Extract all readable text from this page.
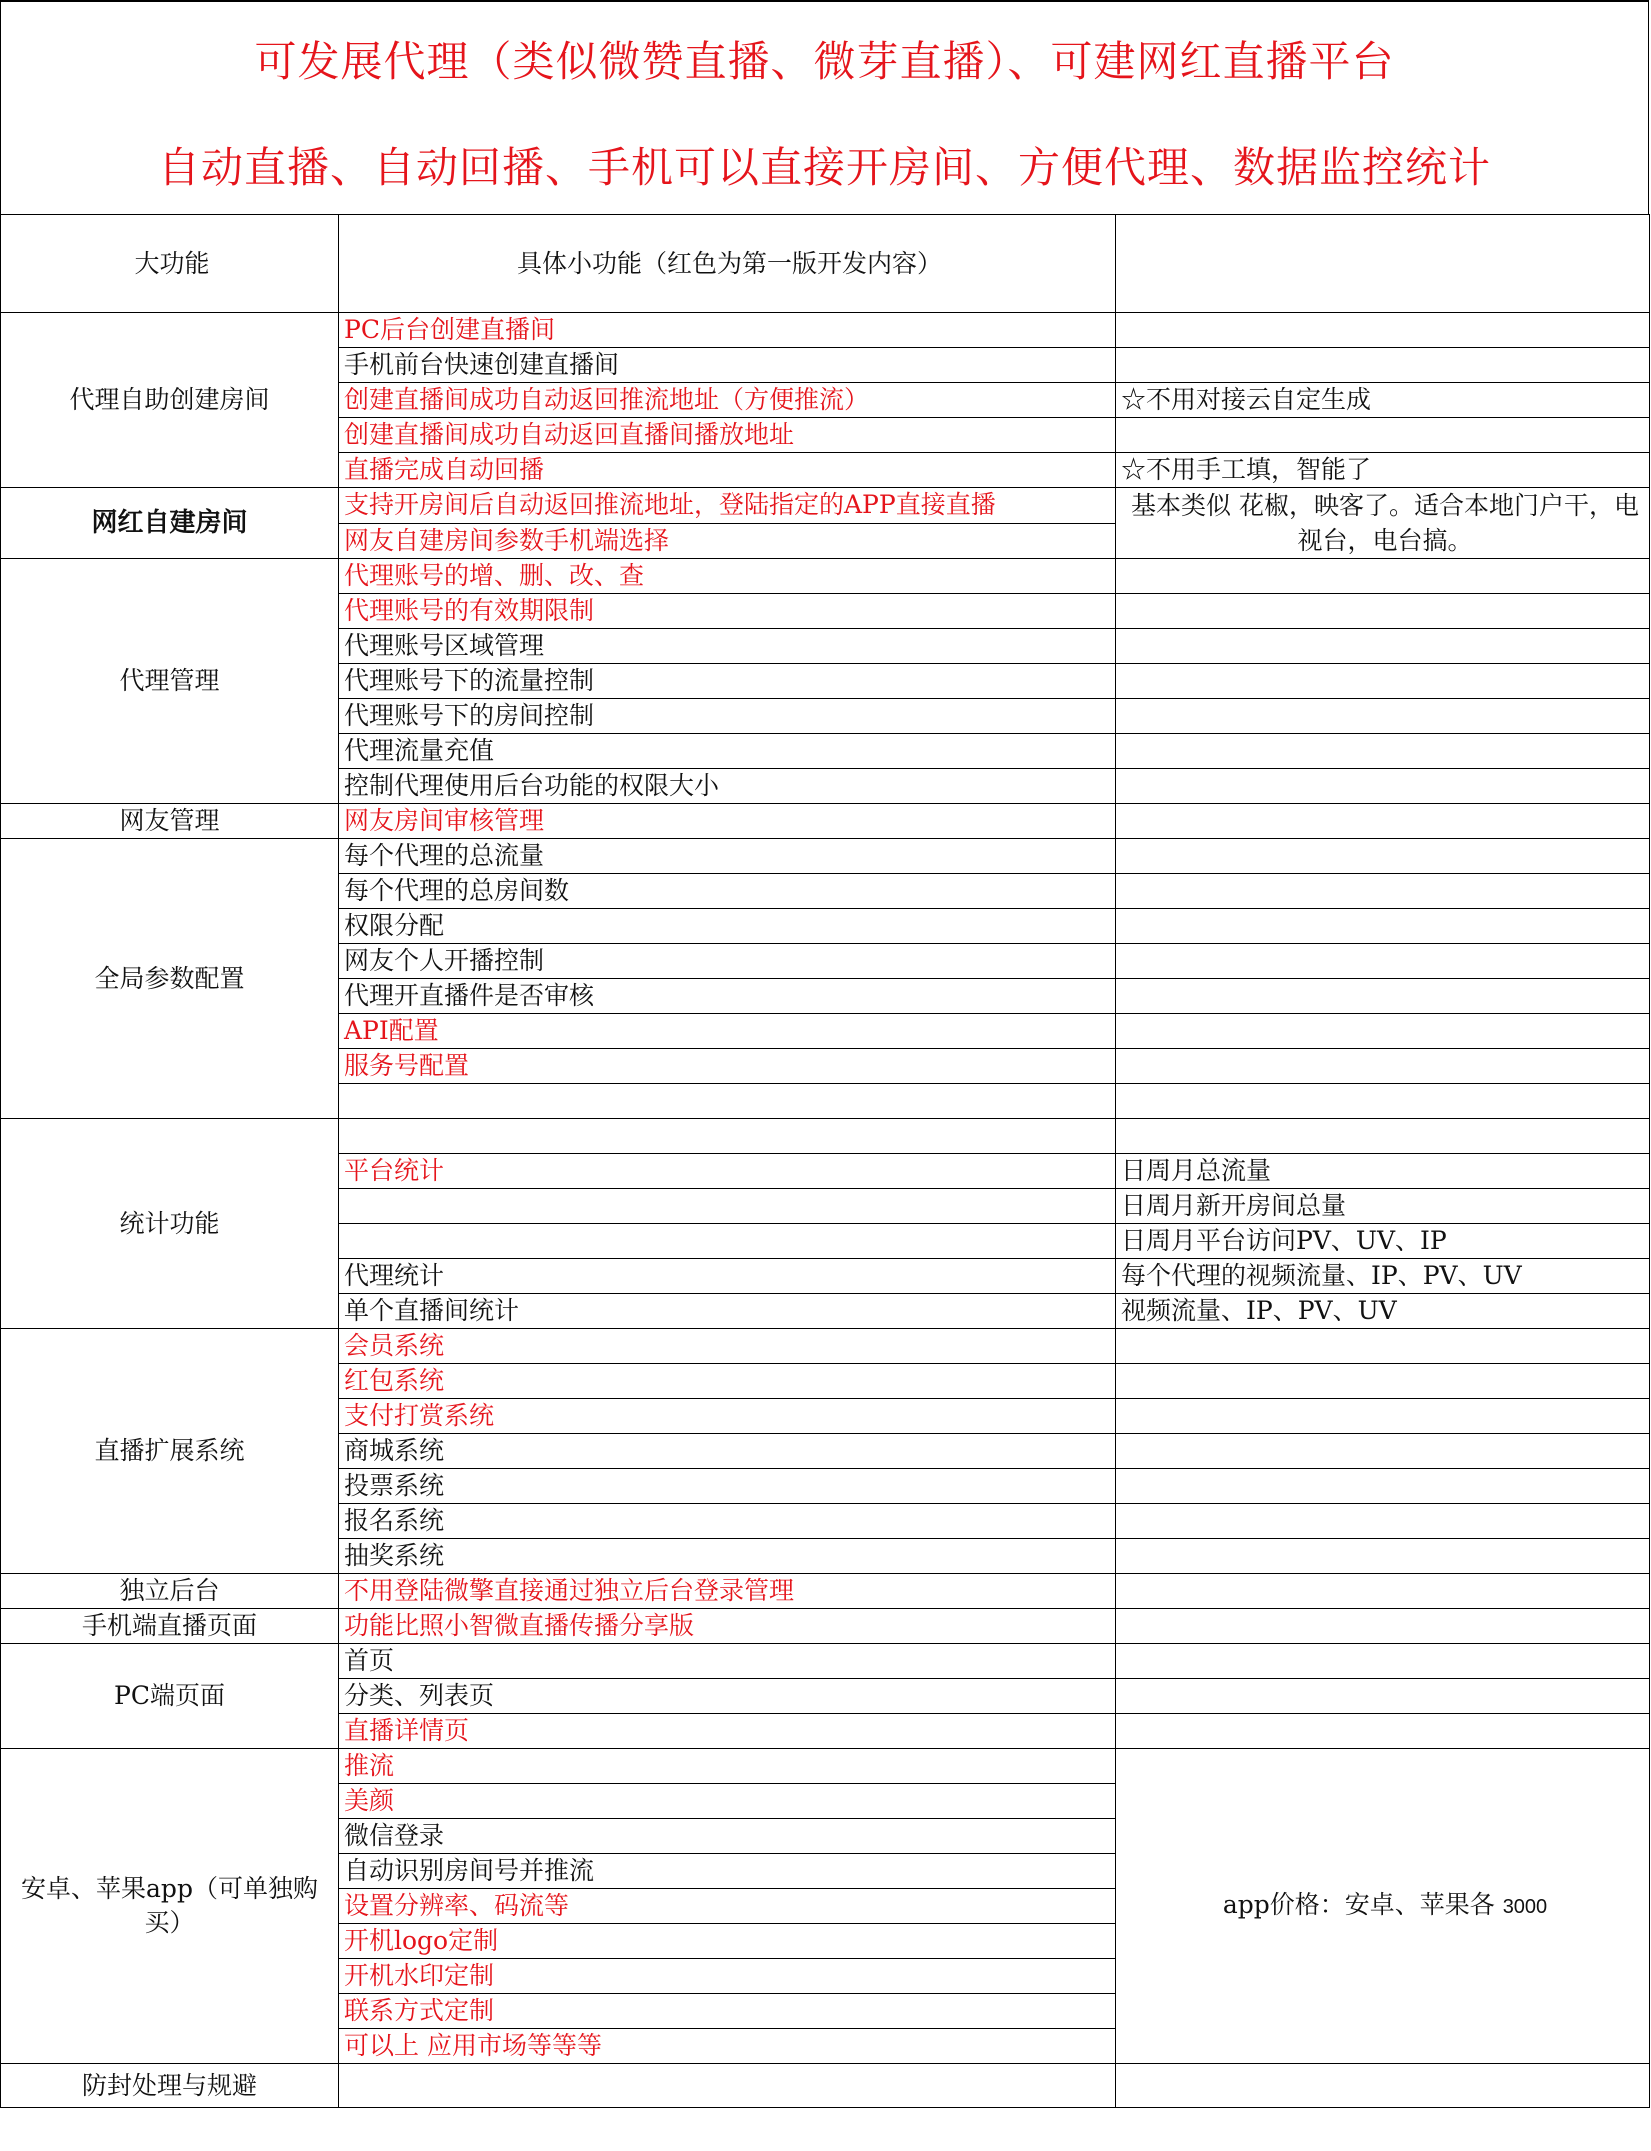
可发展代理（类似微赞直播、微芽直播）、可建网红直播平台
自动直播、自动回播、手机可以直接开房间、方便代理、数据监控统计
大功能	具体小功能（红色为第一版开发内容）	
代理自助创建房间	PC后台创建直播间	
	手机前台快速创建直播间	
	创建直播间成功自动返回推流地址（方便推流）	☆不用对接云自定生成
	创建直播间成功自动返回直播间播放地址	
	直播完成自动回播	☆不用手工填，智能了
网红自建房间	支持开房间后自动返回推流地址，登陆指定的APP直接直播	基本类似 花椒，映客了。适合本地门户干，电视台，电台搞。
	网友自建房间参数手机端选择	
代理管理	代理账号的增、删、改、查	
	代理账号的有效期限制	
	代理账号区域管理	
	代理账号下的流量控制	
	代理账号下的房间控制	
	代理流量充值	
	控制代理使用后台功能的权限大小	
网友管理	网友房间审核管理	
全局参数配置	每个代理的总流量	
	每个代理的总房间数	
	权限分配	
	网友个人开播控制	
	代理开直播件是否审核	
	API配置	
	服务号配置	

统计功能		
	平台统计	日周月总流量
		日周月新开房间总量
		日周月平台访问PV、UV、IP
	代理统计	每个代理的视频流量、IP、PV、UV
	单个直播间统计	视频流量、IP、PV、UV
直播扩展系统	会员系统	
	红包系统	
	支付打赏系统	
	商城系统	
	投票系统	
	报名系统	
	抽奖系统	
独立后台	不用登陆微擎直接通过独立后台登录管理	
手机端直播页面	功能比照小智微直播传播分享版	
PC端页面	首页	
	分类、列表页	
	直播详情页	
安卓、苹果app（可单独购买）	推流	app价格：安卓、苹果各 3000
	美颜	
	微信登录	
	自动识别房间号并推流	
	设置分辨率、码流等	
	开机logo定制	
	开机水印定制	
	联系方式定制	
	可以上 应用市场等等等	
防封处理与规避		
